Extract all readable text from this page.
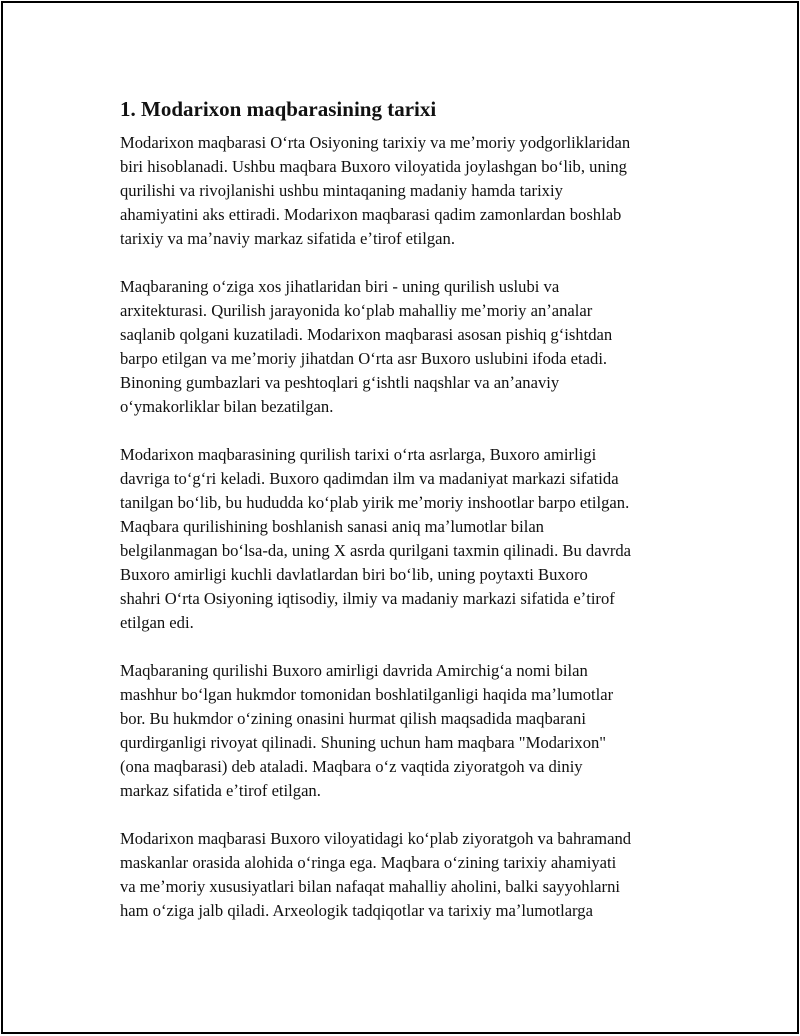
1. Modarixon maqbarasining tarixi

Modarixon maqbarasi Oʻrta Osiyoning tarixiy va meʼmoriy yodgorliklaridan
biri hisoblanadi. Ushbu maqbara Buxoro viloyatida joylashgan boʻlib, uning
qurilishi va rivojlanishi ushbu mintaqaning madaniy hamda tarixiy
ahamiyatini aks ettiradi. Modarixon maqbarasi qadim zamonlardan boshlab
tarixiy va maʼnaviy markaz sifatida eʼtirof etilgan.

Maqbaraning oʻziga xos jihatlaridan biri - uning qurilish uslubi va
arxitekturasi. Qurilish jarayonida koʻplab mahalliy meʼmoriy anʼanalar
saqlanib qolgani kuzatiladi. Modarixon maqbarasi asosan pishiq gʻishtdan
barpo etilgan va meʼmoriy jihatdan Oʻrta asr Buxoro uslubini ifoda etadi.
Binoning gumbazlari va peshtoqlari gʻishtli naqshlar va anʼanaviy
oʻymakorliklar bilan bezatilgan.

Modarixon maqbarasining qurilish tarixi oʻrta asrlarga, Buxoro amirligi
davriga toʻgʻri keladi. Buxoro qadimdan ilm va madaniyat markazi sifatida
tanilgan boʻlib, bu hududda koʻplab yirik meʼmoriy inshootlar barpo etilgan.
Maqbara qurilishining boshlanish sanasi aniq maʼlumotlar bilan
belgilanmagan boʻlsa-da, uning X asrda qurilgani taxmin qilinadi. Bu davrda
Buxoro amirligi kuchli davlatlardan biri boʻlib, uning poytaxti Buxoro
shahri Oʻrta Osiyoning iqtisodiy, ilmiy va madaniy markazi sifatida eʼtirof
etilgan edi.

Maqbaraning qurilishi Buxoro amirligi davrida Amirchigʻa nomi bilan
mashhur boʻlgan hukmdor tomonidan boshlatilganligi haqida maʼlumotlar
bor. Bu hukmdor oʻzining onasini hurmat qilish maqsadida maqbarani
qurdirganligi rivoyat qilinadi. Shuning uchun ham maqbara "Modarixon"
(ona maqbarasi) deb ataladi. Maqbara oʻz vaqtida ziyoratgoh va diniy
markaz sifatida eʼtirof etilgan.

Modarixon maqbarasi Buxoro viloyatidagi koʻplab ziyoratgoh va bahramand
maskanlar orasida alohida oʻringa ega. Maqbara oʻzining tarixiy ahamiyati
va meʼmoriy xususiyatlari bilan nafaqat mahalliy aholini, balki sayyohlarni
ham oʻziga jalb qiladi. Arxeologik tadqiqotlar va tarixiy maʼlumotlarga
